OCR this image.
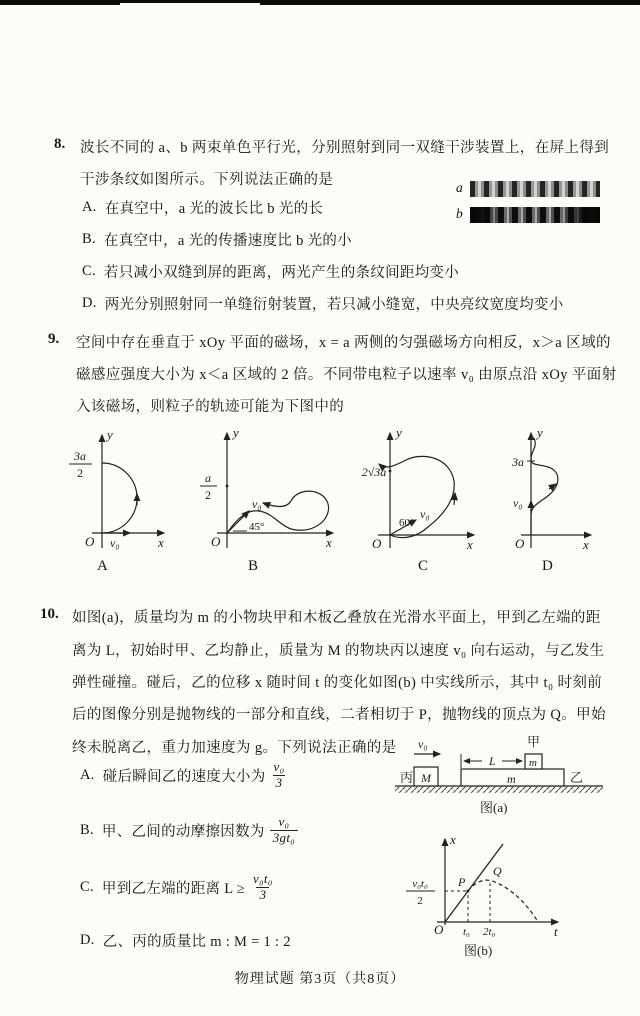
8. 波长不同的 a、b 两束单色平行光，分别照射到同一双缝干涉装置上，在屏上得到
干涉条纹如图所示。下列说法正确的是
A. 在真空中，a 光的波长比 b 光的长
B. 在真空中，a 光的传播速度比 b 光的小
C. 若只减小双缝到屏的距离，两光产生的条纹间距均变小
D. 两光分别照射同一单缝衍射装置，若只减小缝宽，中央亮纹宽度均变小
a
b
9. 空间中存在垂直于 xOy 平面的磁场，x = a 两侧的匀强磁场方向相反，x＞a 区域的
磁感应强度大小为 x＜a 区域的 2 倍。不同带电粒子以速率 v₀ 由原点沿 xOy 平面射
入该磁场，则粒子的轨迹可能为下图中的
y
x
O v₀
3a
2
y
x
O
a
2
v₀
45°
y
x
O
2√3a
v₀
60°
y
x
O
3a
v₀
A	B	C	D
10. 如图(a)，质量均为 m 的小物块甲和木板乙叠放在光滑水平面上，甲到乙左端的距
离为 L，初始时甲、乙均静止，质量为 M 的物块丙以速度 v₀ 向右运动，与乙发生
弹性碰撞。碰后，乙的位移 x 随时间 t 的变化如图(b) 中实线所示，其中 t₀ 时刻前
后的图像分别是抛物线的一部分和直线，二者相切于 P，抛物线的顶点为 Q。甲始
终未脱离乙，重力加速度为 g。下列说法正确的是
A. 碰后瞬间乙的速度大小为 $\frac{\text{v₀}}{3}$
B. 甲、乙间的动摩擦因数为 $\frac{\text{v₀}}{\text{3gt₀}}$
C. 甲到乙左端的距离 $L \ge \frac{\text{v₀t₀}}{3}$
D. 乙、丙的质量比 m : M = 1 : 2
丙 M
v₀
m	乙
m
甲
L
图(a)
x
t
O
P
Q
t₀ 2t₀
v₀t₀
2
图(b)
物理试题 第3页（共8页）
